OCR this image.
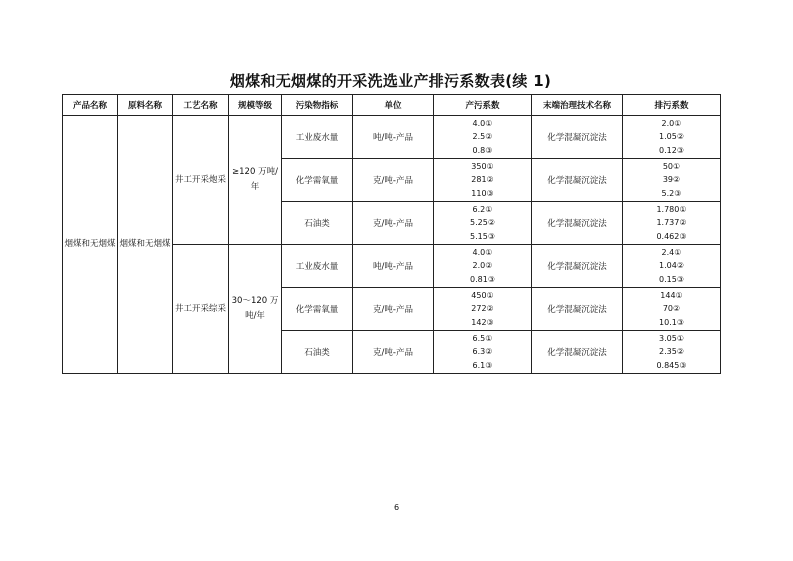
烟煤和无烟煤的开采洗选业产排污系数表(续 1)
产品名称	原料名称	工艺名称	规模等级	污染物指标	单位	产污系数	末端治理技术名称	排污系数
烟煤和无烟煤	烟煤和无烟煤	井工开采炮采	≥120 万吨/年	工业废水量	吨/吨-产品	4.0①
2.5②
0.8③	化学混凝沉淀法	2.0①
1.05②
0.12③

				化学需氧量	克/吨-产品	350①
281②
110③	化学混凝沉淀法	50①
39②
5.2③

				石油类	克/吨-产品	6.2①
5.25②
5.15③	化学混凝沉淀法	1.780①
1.737②
0.462③

		井工开采综采	30～120 万吨/年	工业废水量	吨/吨-产品	4.0①
2.0②
0.81③	化学混凝沉淀法	2.4①
1.04②
0.15③

				化学需氧量	克/吨-产品	450①
272②
142③	化学混凝沉淀法	144①
70②
10.1③

				石油类	克/吨-产品	6.5①
6.3②
6.1③	化学混凝沉淀法	3.05①
2.35②
0.845③
6
